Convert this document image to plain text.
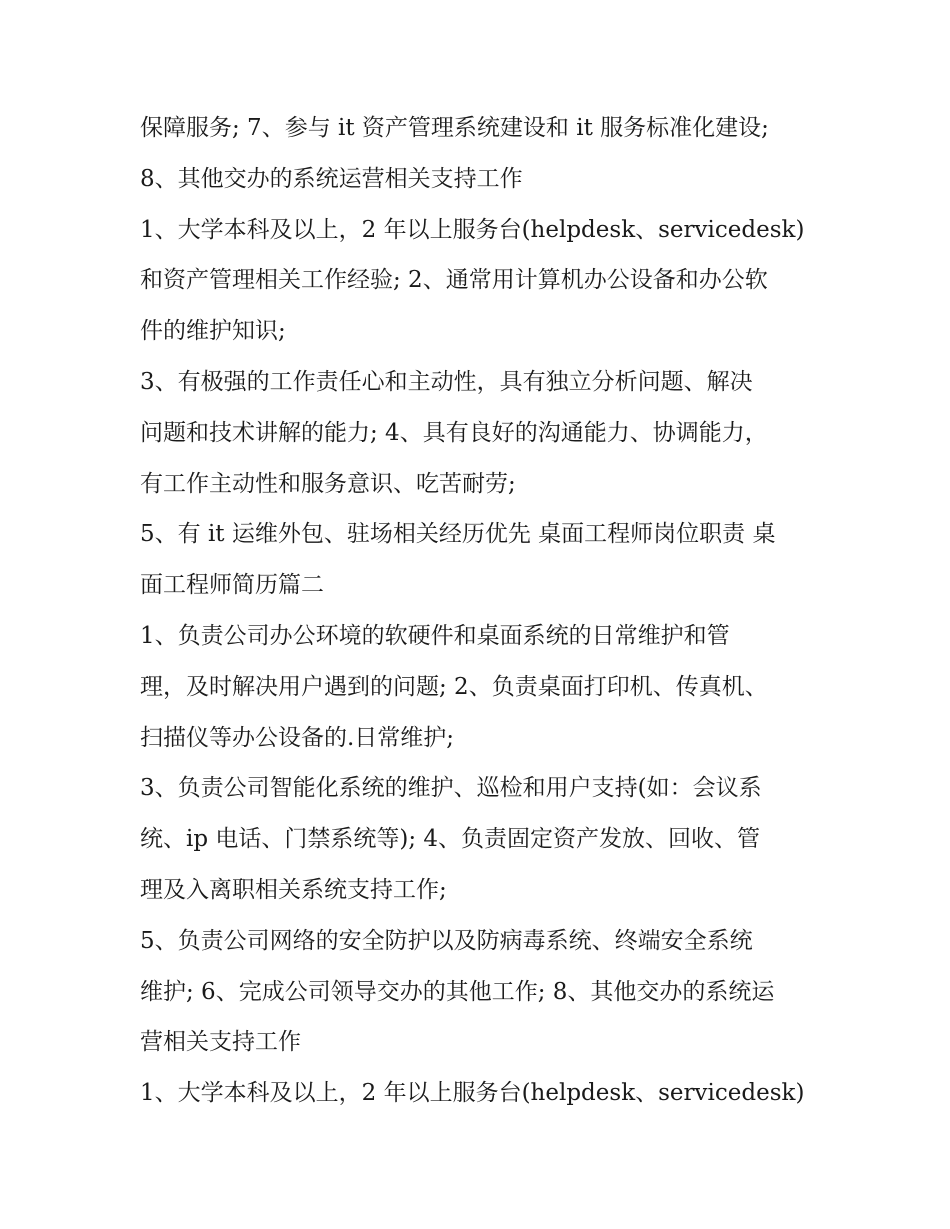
保障服务; 7、参与 it 资产管理系统建设和 it 服务标准化建设;
8、其他交办的系统运营相关支持工作
1、大学本科及以上，2 年以上服务台(helpdesk、servicedesk)
和资产管理相关工作经验; 2、通常用计算机办公设备和办公软
件的维护知识;
3、有极强的工作责任心和主动性，具有独立分析问题、解决
问题和技术讲解的能力; 4、具有良好的沟通能力、协调能力，
有工作主动性和服务意识、吃苦耐劳;
5、有 it 运维外包、驻场相关经历优先 桌面工程师岗位职责 桌
面工程师简历篇二
1、负责公司办公环境的软硬件和桌面系统的日常维护和管
理，及时解决用户遇到的问题; 2、负责桌面打印机、传真机、
扫描仪等办公设备的.日常维护;
3、负责公司智能化系统的维护、巡检和用户支持(如：会议系
统、ip 电话、门禁系统等); 4、负责固定资产发放、回收、管
理及入离职相关系统支持工作;
5、负责公司网络的安全防护以及防病毒系统、终端安全系统
维护; 6、完成公司领导交办的其他工作; 8、其他交办的系统运
营相关支持工作
1、大学本科及以上，2 年以上服务台(helpdesk、servicedesk)
